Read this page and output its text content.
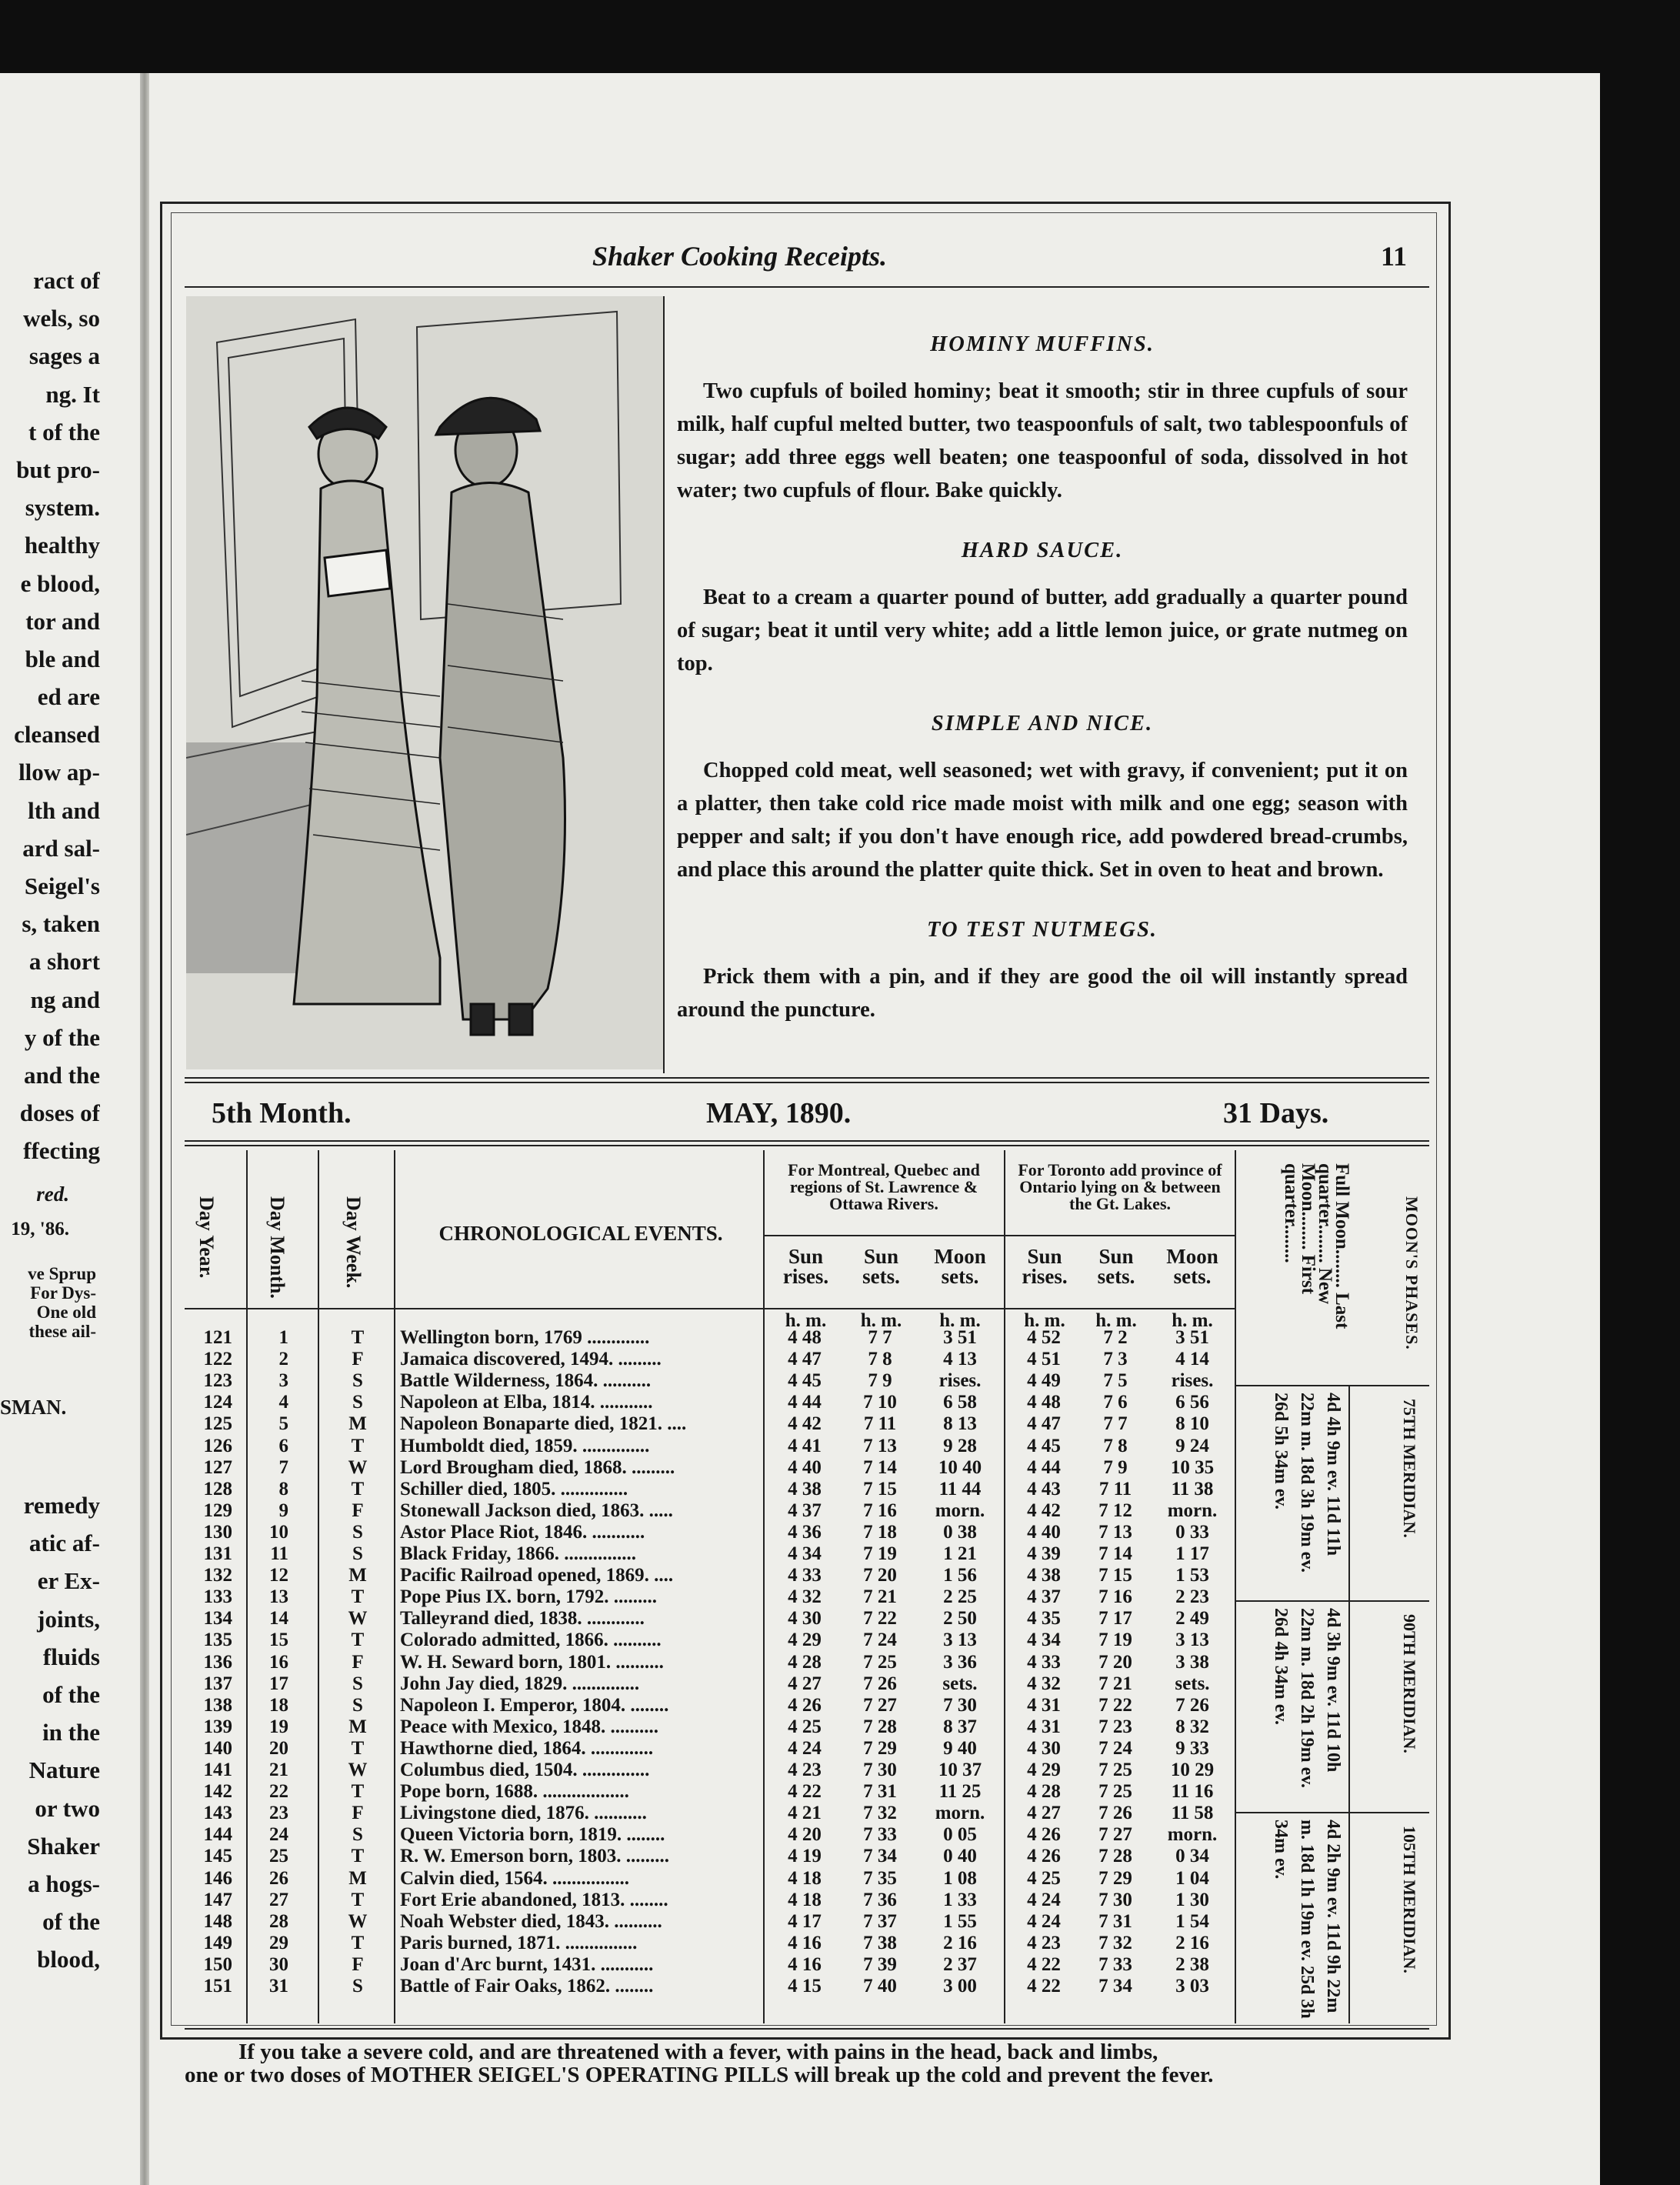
ract of
wels, so
sages a
ng. It
t of the
but pro-
system.
healthy
e blood,
tor and
ble and
ed are
cleansed
llow ap-
lth and
ard sal-
Seigel's
s, taken
a short
ng and
y of the
and the
doses of
ffecting
red.
19, '86.
ve Sprup
For Dys-
One old
these ail-
SMAN.
remedy
atic af-
er Ex-
joints,
fluids
of the
in the
Nature
or two
Shaker
a hogs-
of the
blood,
Shaker Cooking Receipts.	11
HOMINY MUFFINS.

Two cupfuls of boiled hominy; beat it smooth; stir in three cupfuls of sour milk, half cupful melted butter, two teaspoonfuls of salt, two tablespoonfuls of sugar; add three eggs well beaten; one teaspoonful of soda, dissolved in hot water; two cupfuls of flour. Bake quickly.

HARD SAUCE.

Beat to a cream a quarter pound of butter, add gradually a quarter pound of sugar; beat it until very white; add a little lemon juice, or grate nutmeg on top.

SIMPLE AND NICE.

Chopped cold meat, well seasoned; wet with gravy, if convenient; put it on a platter, then take cold rice made moist with milk and one egg; season with pepper and salt; if you don't have enough rice, add powdered bread-crumbs, and place this around the platter quite thick. Set in oven to heat and brown.

TO TEST NUTMEGS.

Prick them with a pin, and if they are good the oil will instantly spread around the puncture.

5th Month.	MAY, 1890.	31 Days.
Day Year. Day Month.	Day Week.	CHRONOLOGICAL EVENTS.
For Montreal, Quebec and regions of St. Lawrence & Ottawa Rivers.
For Toronto add province of Ontario lying on & between the Gt. Lakes.
Sun rises.
Sun sets.
Moon sets.
Sun rises.
Sun sets.
Moon sets.
h. m.	h. m.	h. m.	h. m.	h. m.	h. m.	Full Moon........ Last quarter........ New Moon........ First quarter........	MOON'S PHASES.
4d 4h 9m ev. 11d 11h 22m m. 18d 3h 19m ev. 26d 5h 34m ev.	75TH MERIDIAN.
4d 3h 9m ev. 11d 10h 22m m. 18d 2h 19m ev. 26d 4h 34m ev.	90TH MERIDIAN.
4d 2h 9m ev. 11d 9h 22m m. 18d 1h 19m ev. 25d 3h 34m ev.	105TH MERIDIAN.
121	1	T	Wellington born, 1769 .............	4 48	7 7	3 51	4 52	7 2	3 51
122	2	F	Jamaica discovered, 1494. .........	4 47	7 8	4 13	4 51	7 3	4 14
123	3	S	Battle Wilderness, 1864. ..........	4 45	7 9	rises.	4 49	7 5	rises.
124	4	S	Napoleon at Elba, 1814. ...........	4 44	7 10	6 58	4 48	7 6	6 56
125	5	M	Napoleon Bonaparte died, 1821. ....	4 42	7 11	8 13	4 47	7 7	8 10
126	6	T	Humboldt died, 1859. ..............	4 41	7 13	9 28	4 45	7 8	9 24
127	7	W	Lord Brougham died, 1868. .........	4 40	7 14	10 40	4 44	7 9	10 35
128	8	T	Schiller died, 1805. ..............	4 38	7 15	11 44	4 43	7 11	11 38
129	9	F	Stonewall Jackson died, 1863. .....	4 37	7 16	morn.	4 42	7 12	morn.
130	10	S	Astor Place Riot, 1846. ...........	4 36	7 18	0 38	4 40	7 13	0 33
131	11	S	Black Friday, 1866. ...............	4 34	7 19	1 21	4 39	7 14	1 17
132	12	M	Pacific Railroad opened, 1869. ....	4 33	7 20	1 56	4 38	7 15	1 53
133	13	T	Pope Pius IX. born, 1792. .........	4 32	7 21	2 25	4 37	7 16	2 23
134	14	W	Talleyrand died, 1838. ............	4 30	7 22	2 50	4 35	7 17	2 49
135	15	T	Colorado admitted, 1866. ..........	4 29	7 24	3 13	4 34	7 19	3 13
136	16	F	W. H. Seward born, 1801. ..........	4 28	7 25	3 36	4 33	7 20	3 38
137	17	S	John Jay died, 1829. ..............	4 27	7 26	sets.	4 32	7 21	sets.
138	18	S	Napoleon I. Emperor, 1804. ........	4 26	7 27	7 30	4 31	7 22	7 26
139	19	M	Peace with Mexico, 1848. ..........	4 25	7 28	8 37	4 31	7 23	8 32
140	20	T	Hawthorne died, 1864. .............	4 24	7 29	9 40	4 30	7 24	9 33
141	21	W	Columbus died, 1504. ..............	4 23	7 30	10 37	4 29	7 25	10 29
142	22	T	Pope born, 1688. ..................	4 22	7 31	11 25	4 28	7 25	11 16
143	23	F	Livingstone died, 1876. ...........	4 21	7 32	morn.	4 27	7 26	11 58
144	24	S	Queen Victoria born, 1819. ........	4 20	7 33	0 05	4 26	7 27	morn.
145	25	T	R. W. Emerson born, 1803. .........	4 19	7 34	0 40	4 26	7 28	0 34
146	26	M	Calvin died, 1564. ................	4 18	7 35	1 08	4 25	7 29	1 04
147	27	T	Fort Erie abandoned, 1813. ........	4 18	7 36	1 33	4 24	7 30	1 30
148	28	W	Noah Webster died, 1843. ..........	4 17	7 37	1 55	4 24	7 31	1 54
149	29	T	Paris burned, 1871. ...............	4 16	7 38	2 16	4 23	7 32	2 16
150	30	F	Joan d'Arc burnt, 1431. ...........	4 16	7 39	2 37	4 22	7 33	2 38
151	31	S	Battle of Fair Oaks, 1862. ........	4 15	7 40	3 00	4 22	7 34	3 03
If you take a severe cold, and are threatened with a fever, with pains in the head, back and limbs,
one or two doses of MOTHER SEIGEL'S OPERATING PILLS will break up the cold and prevent the fever.
